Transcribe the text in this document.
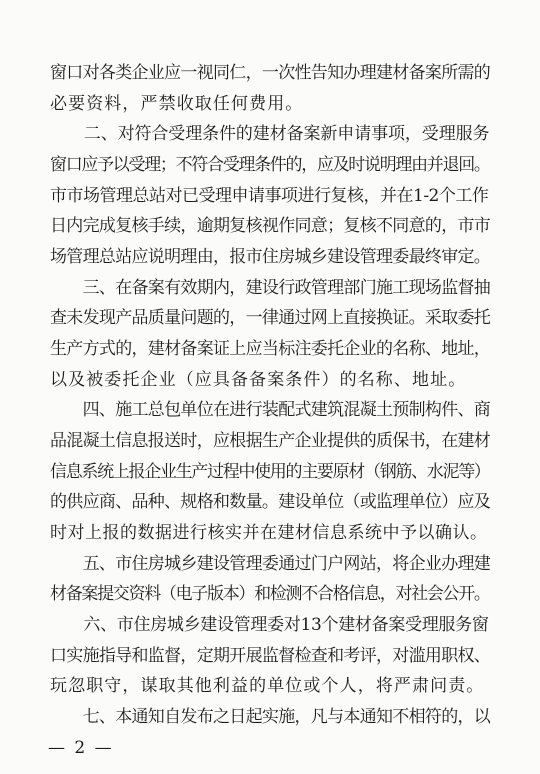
窗口对各类企业应一视同仁，一次性告知办理建材备案所需的
必要资料，严禁收取任何费用。
　　二、对符合受理条件的建材备案新申请事项，受理服务
窗口应予以受理；不符合受理条件的，应及时说明理由并退回。
市市场管理总站对已受理申请事项进行复核，并在1-2个工作
日内完成复核手续，逾期复核视作同意；复核不同意的，市市
场管理总站应说明理由，报市住房城乡建设管理委最终审定。
　　三、在备案有效期内，建设行政管理部门施工现场监督抽
查未发现产品质量问题的，一律通过网上直接换证。采取委托
生产方式的，建材备案证上应当标注委托企业的名称、地址，
以及被委托企业（应具备备案条件）的名称、地址。
　　四、施工总包单位在进行装配式建筑混凝土预制构件、商
品混凝土信息报送时，应根据生产企业提供的质保书，在建材
信息系统上报企业生产过程中使用的主要原材（钢筋、水泥等）
的供应商、品种、规格和数量。建设单位（或监理单位）应及
时对上报的数据进行核实并在建材信息系统中予以确认。
　　五、市住房城乡建设管理委通过门户网站，将企业办理建
材备案提交资料（电子版本）和检测不合格信息，对社会公开。
　　六、市住房城乡建设管理委对13个建材备案受理服务窗
口实施指导和监督，定期开展监督检查和考评，对滥用职权、
玩忽职守，谋取其他利益的单位或个人，将严肃问责。
　　七、本通知自发布之日起实施，凡与本通知不相符的，以
— 2 —
